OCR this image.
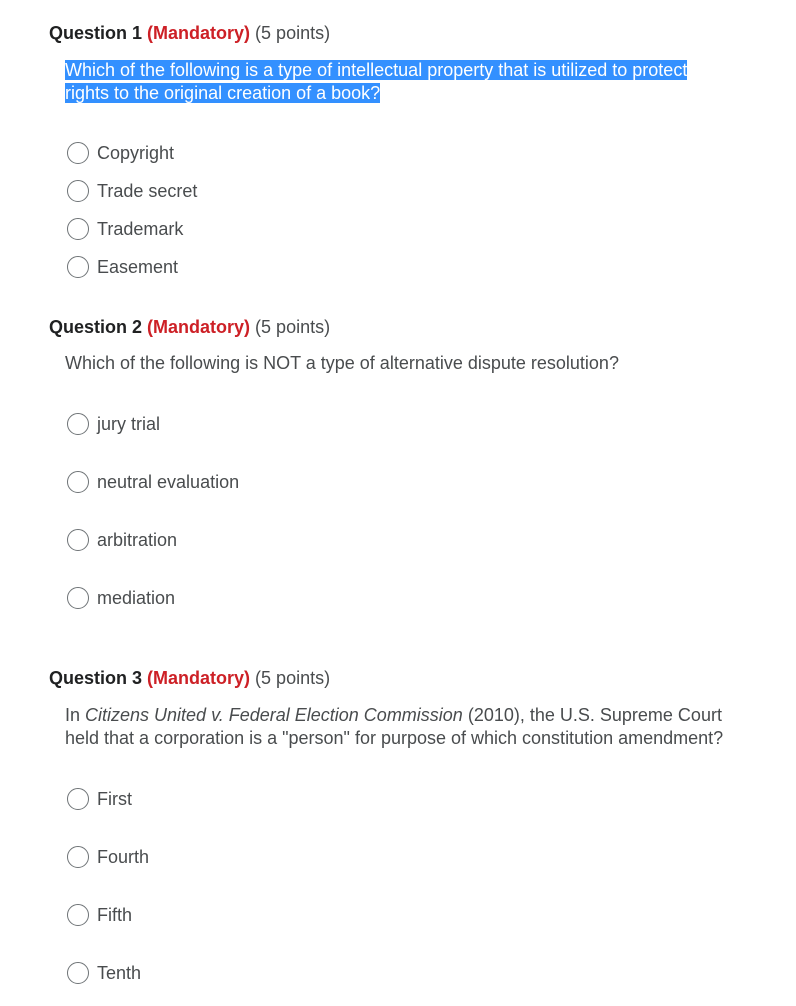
Question 1 (Mandatory) (5 points)
Which of the following is a type of intellectual property that is utilized to protect
rights to the original creation of a book?
Copyright
Trade secret
Trademark
Easement
Question 2 (Mandatory) (5 points)
Which of the following is NOT a type of alternative dispute resolution?
jury trial
neutral evaluation
arbitration
mediation
Question 3 (Mandatory) (5 points)
In Citizens United v. Federal Election Commission (2010), the U.S. Supreme Court
held that a corporation is a "person" for purpose of which constitution amendment?
First
Fourth
Fifth
Tenth
